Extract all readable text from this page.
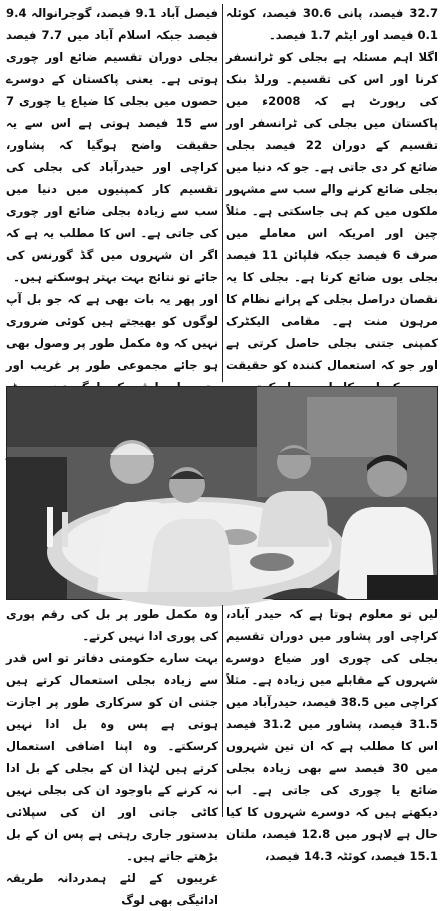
32.7 فیصد، پانی 30.6 فیصد، کوئلہ 0.1 فیصد اور ایٹم 1.7 فیصد۔

اگلا اہم مسئلہ ہے بجلی کو ٹرانسفر کرنا اور اس کی تقسیم۔ ورلڈ بنک کی رپورٹ ہے کہ 2008ء میں پاکستان میں بجلی کی ٹرانسفر اور تقسیم کے دوران 22 فیصد بجلی ضائع کر دی جاتی ہے۔ جو کہ دنیا میں بجلی ضائع کرنے والے سب سے مشہور ملکوں میں کم ہی جاسکتی ہے۔ مثلاً چین اور امریکہ اس معاملے میں صرف 6 فیصد جبکہ فلپائن 11 فیصد بجلی یوں ضائع کرتا ہے۔ بجلی کا یہ نقصان دراصل بجلی کے پرانے نظام کا مرہون منت ہے۔ مقامی الیکٹرک کمپنی جتنی بجلی حاصل کرتی ہے اور جو کہ استعمال کنندہ کو حقیقت

فیصل آباد 9.1 فیصد، گوجرانوالہ 9.4 فیصد جبکہ اسلام آباد میں 7.7 فیصد بجلی دوران تقسیم ضائع اور چوری ہوتی ہے۔ یعنی پاکستان کے دوسرے حصوں میں بجلی کا ضیاع یا چوری 7 سے 15 فیصد ہوتی ہے اس سے یہ حقیقت واضح ہوگیا کہ پشاور، کراچی اور حیدرآباد کی بجلی کی تقسیم کار کمپنیوں میں دنیا میں سب سے زیادہ بجلی ضائع اور چوری کی جاتی ہے۔ اس کا مطلب یہ ہے کہ اگر ان شہروں میں گڈ گورنس کی جائے تو نتائج بہت بہتر ہوسکتے ہیں۔

اور پھر یہ بات بھی ہے کہ جو بل آپ لوگوں کو بھیجتے ہیں کوئی ضروری نہیں کہ وہ مکمل طور پر وصول بھی ہو جائے مجموعی طور پر غریب اور

لیں تو معلوم ہوتا ہے کہ حیدر آباد، کراچی اور پشاور میں دوران تقسیم بجلی کی چوری اور ضیاع دوسرے شہروں کے مقابلے میں زیادہ ہے۔ مثلاً کراچی میں 38.5 فیصد، حیدرآباد میں 31.5 فیصد، پشاور میں 31.2 فیصد اس کا مطلب ہے کہ ان تین شہروں میں 30 فیصد سے بھی زیادہ بجلی ضائع یا چوری کی جاتی ہے۔ اب دیکھتے ہیں کہ دوسرے شہروں کا کیا حال ہے لاہور میں 12.8 فیصد، ملتان 15.1 فیصد، کوئٹہ 14.3 فیصد،

وہ مکمل طور پر بل کی رقم پوری کی پوری ادا نہیں کرتے۔

بہت سارے حکومتی دفاتر تو اس قدر سے زیادہ بجلی استعمال کرتے ہیں جتنی ان کو سرکاری طور پر اجازت ہوتی ہے پس وہ بل ادا نہیں کرسکتے۔ وہ اپنا اضافی استعمال کرتے ہیں لہٰذا ان کے بجلی کے بل ادا نہ کرنے کے باوجود ان کی بجلی نہیں کاٹی جاتی اور ان کی سپلائی بدستور جاری رہتی ہے پس ان کے بل بڑھتے جاتے ہیں۔

غریبوں کے لئے ہمدردانہ طریقہ ادائیگی بھی لوگ
